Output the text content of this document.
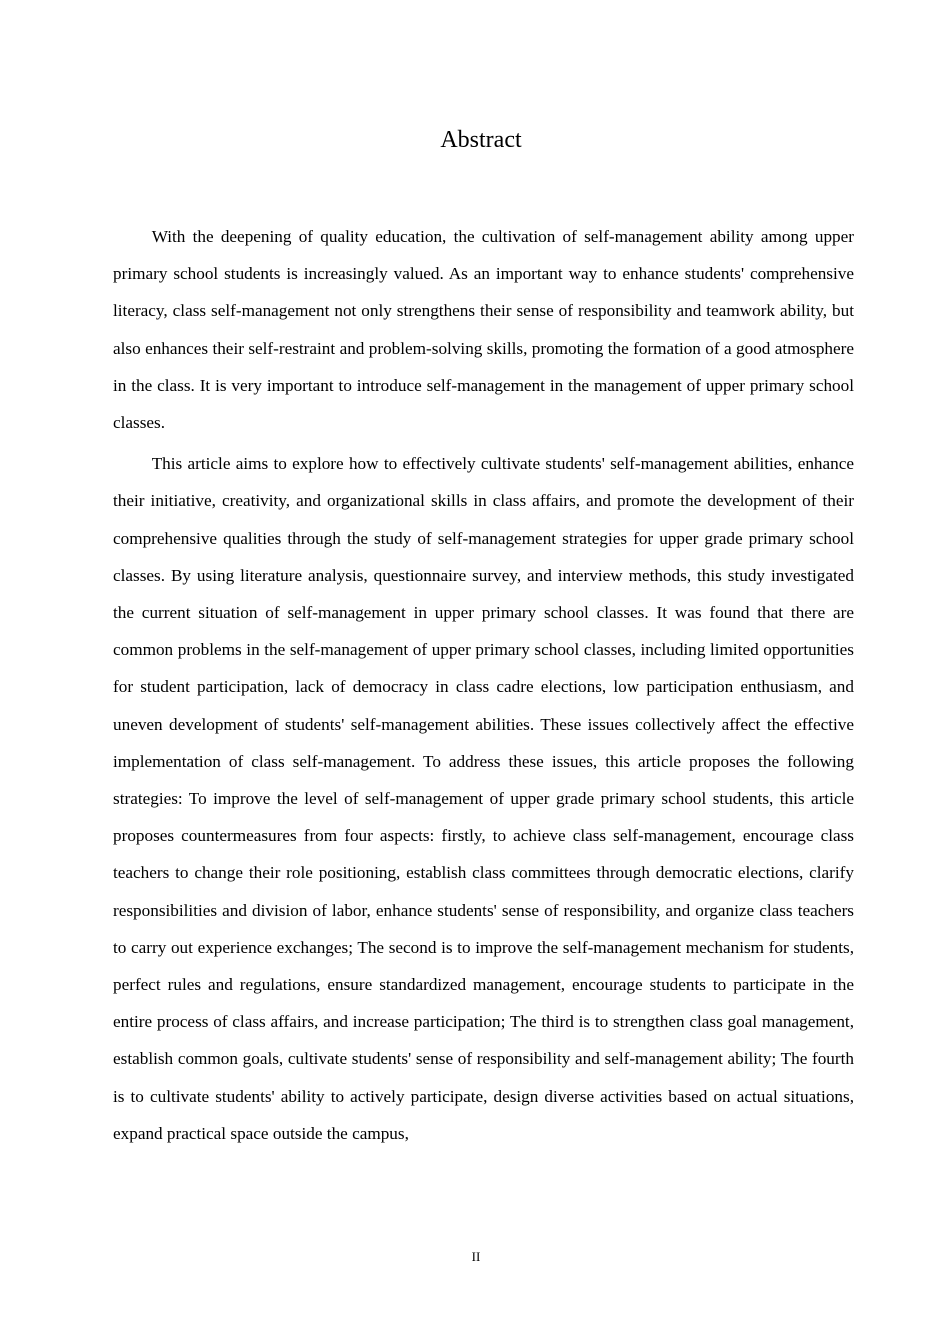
Abstract

With the deepening of quality education, the cultivation of self-management ability among upper primary school students is increasingly valued. As an important way to enhance students' comprehensive literacy, class self-management not only strengthens their sense of responsibility and teamwork ability, but also enhances their self-restraint and problem-solving skills, promoting the formation of a good atmosphere in the class. It is very important to introduce self-management in the management of upper primary school classes.

This article aims to explore how to effectively cultivate students' self-management abilities, enhance their initiative, creativity, and organizational skills in class affairs, and promote the development of their comprehensive qualities through the study of self-management strategies for upper grade primary school classes. By using literature analysis, questionnaire survey, and interview methods, this study investigated the current situation of self-management in upper primary school classes. It was found that there are common problems in the self-management of upper primary school classes, including limited opportunities for student participation, lack of democracy in class cadre elections, low participation enthusiasm, and uneven development of students' self-management abilities. These issues collectively affect the effective implementation of class self-management. To address these issues, this article proposes the following strategies: To improve the level of self-management of upper grade primary school students, this article proposes countermeasures from four aspects: firstly, to achieve class self-management, encourage class teachers to change their role positioning, establish class committees through democratic elections, clarify responsibilities and division of labor, enhance students' sense of responsibility, and organize class teachers to carry out experience exchanges; The second is to improve the self-management mechanism for students, perfect rules and regulations, ensure standardized management, encourage students to participate in the entire process of class affairs, and increase participation; The third is to strengthen class goal management, establish common goals, cultivate students' sense of responsibility and self-management ability; The fourth is to cultivate students' ability to actively participate, design diverse activities based on actual situations, expand practical space outside the campus,

II
